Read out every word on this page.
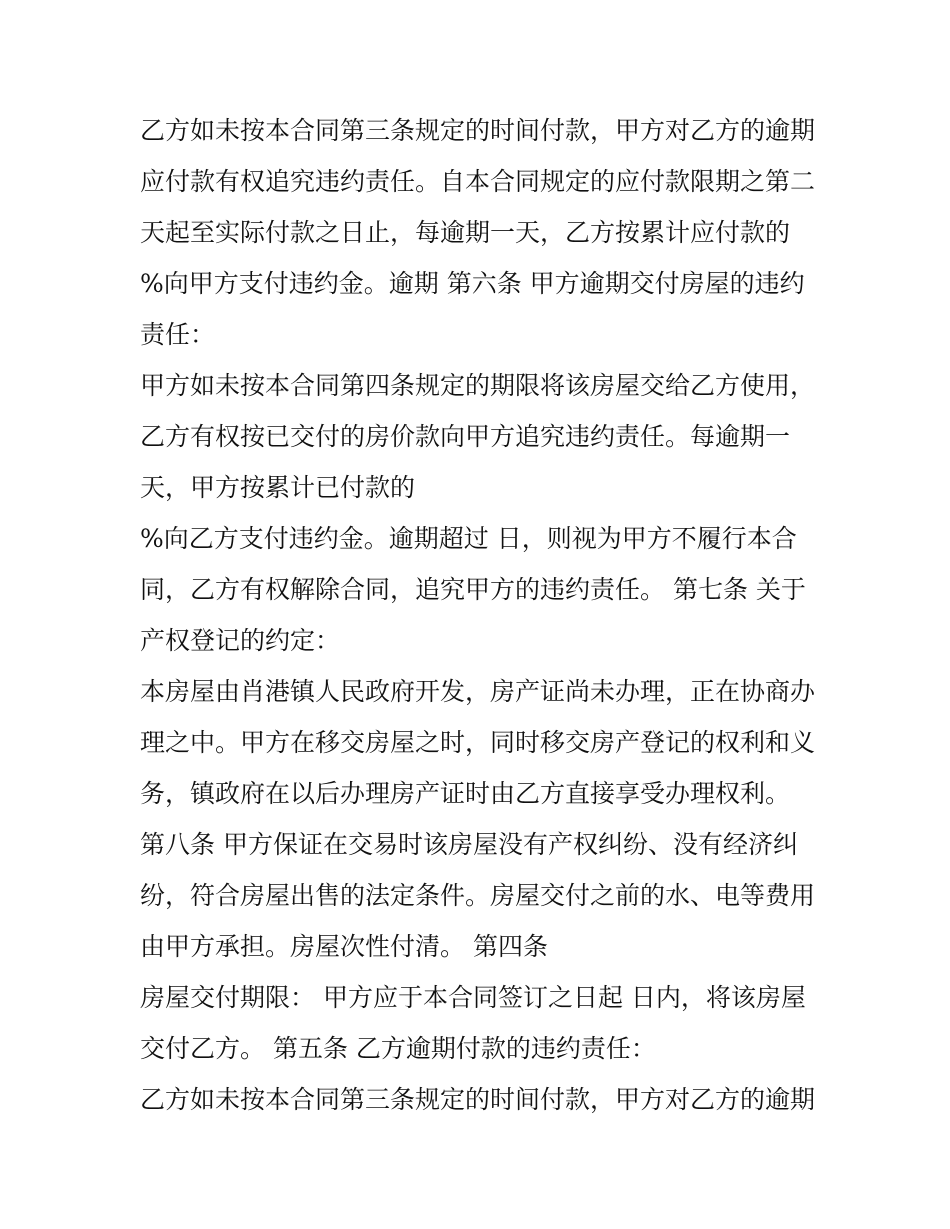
乙方如未按本合同第三条规定的时间付款，甲方对乙方的逾期
应付款有权追究违约责任。自本合同规定的应付款限期之第二
天起至实际付款之日止，每逾期一天，乙方按累计应付款的
%向甲方支付违约金。逾期 第六条 甲方逾期交付房屋的违约
责任：
甲方如未按本合同第四条规定的期限将该房屋交给乙方使用，
乙方有权按已交付的房价款向甲方追究违约责任。每逾期一
天，甲方按累计已付款的
%向乙方支付违约金。逾期超过 日，则视为甲方不履行本合
同，乙方有权解除合同，追究甲方的违约责任。 第七条 关于
产权登记的约定：
本房屋由肖港镇人民政府开发，房产证尚未办理，正在协商办
理之中。甲方在移交房屋之时，同时移交房产登记的权利和义
务，镇政府在以后办理房产证时由乙方直接享受办理权利。
第八条 甲方保证在交易时该房屋没有产权纠纷、没有经济纠
纷，符合房屋出售的法定条件。房屋交付之前的水、电等费用
由甲方承担。房屋次性付清。 第四条
房屋交付期限： 甲方应于本合同签订之日起 日内，将该房屋
交付乙方。 第五条 乙方逾期付款的违约责任：
乙方如未按本合同第三条规定的时间付款，甲方对乙方的逾期
